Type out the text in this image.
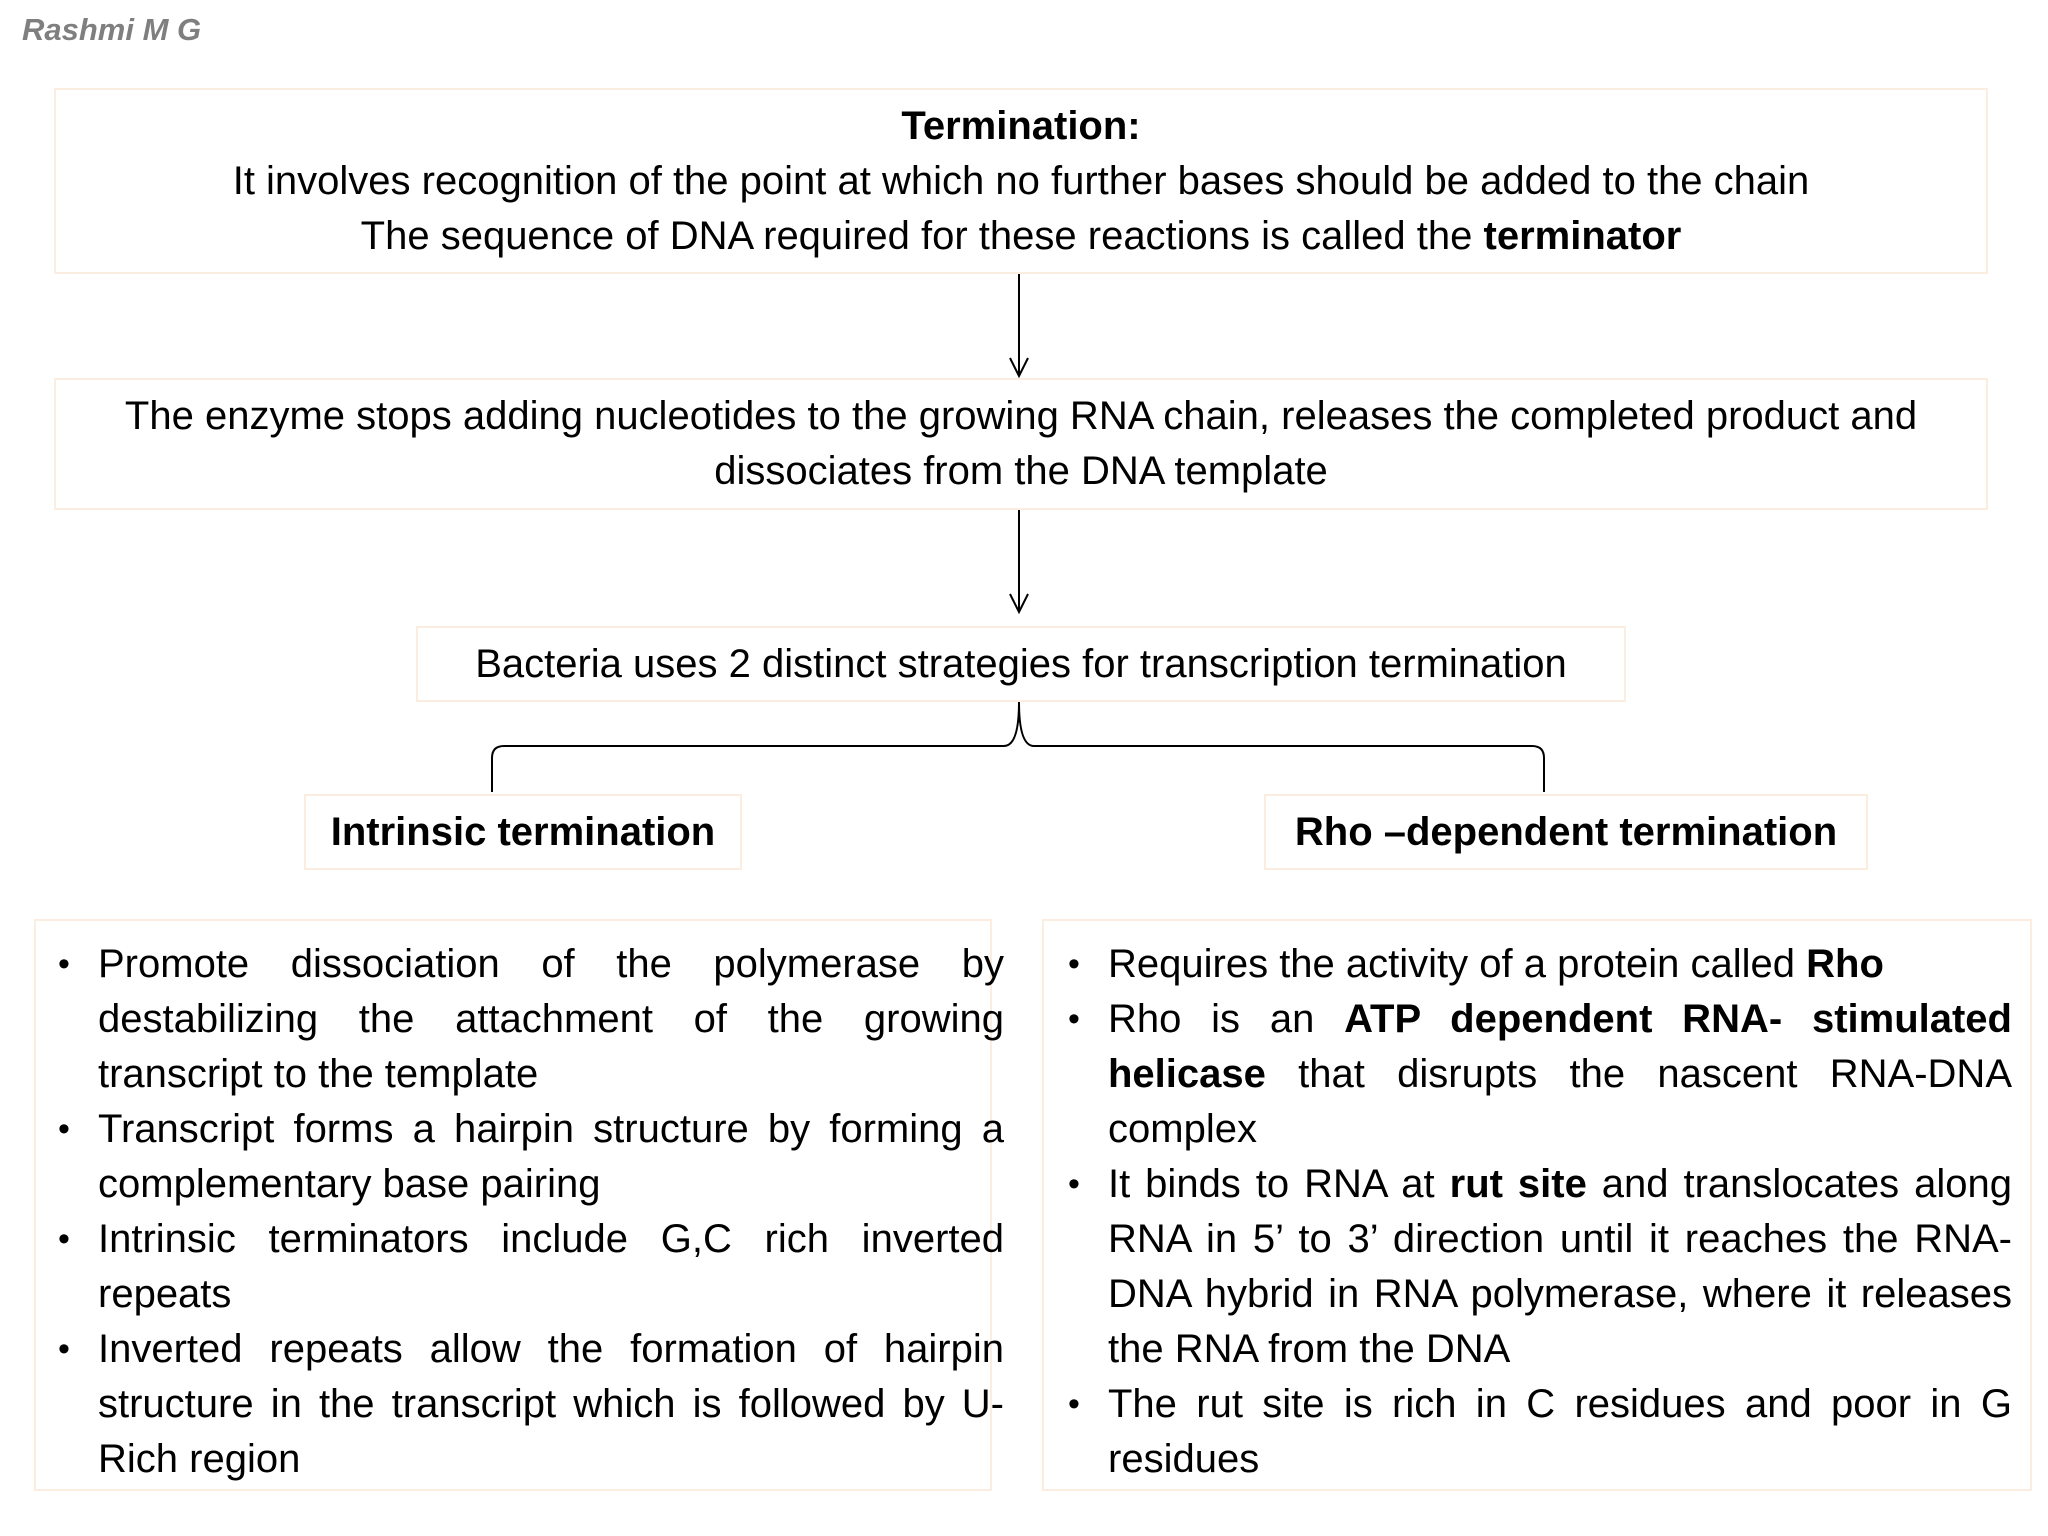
Rashmi M G
Termination:
It involves recognition of the point at which no further bases should be added to the chain
The sequence of DNA required for these reactions is called the terminator
The enzyme stops adding nucleotides to the growing RNA chain, releases the completed product and dissociates from the DNA template
Bacteria uses 2 distinct strategies for transcription termination
Intrinsic termination	Rho –dependent termination
• Promote dissociation of the polymerase by destabilizing the attachment of the growing transcript to the template
• Transcript forms a hairpin structure by forming a complementary base pairing
• Intrinsic terminators include G,C rich inverted repeats
• Inverted repeats allow the formation of hairpin structure in the transcript which is followed by U- Rich region
• Requires the activity of a protein called Rho
• Rho is an ATP dependent RNA- stimulated helicase that disrupts the nascent RNA-DNA complex
• It binds to RNA at rut site and translocates along RNA in 5’ to 3’ direction until it reaches the RNA-DNA hybrid in RNA polymerase, where it releases the RNA from the DNA
• The rut site is rich in C residues and poor in G residues
